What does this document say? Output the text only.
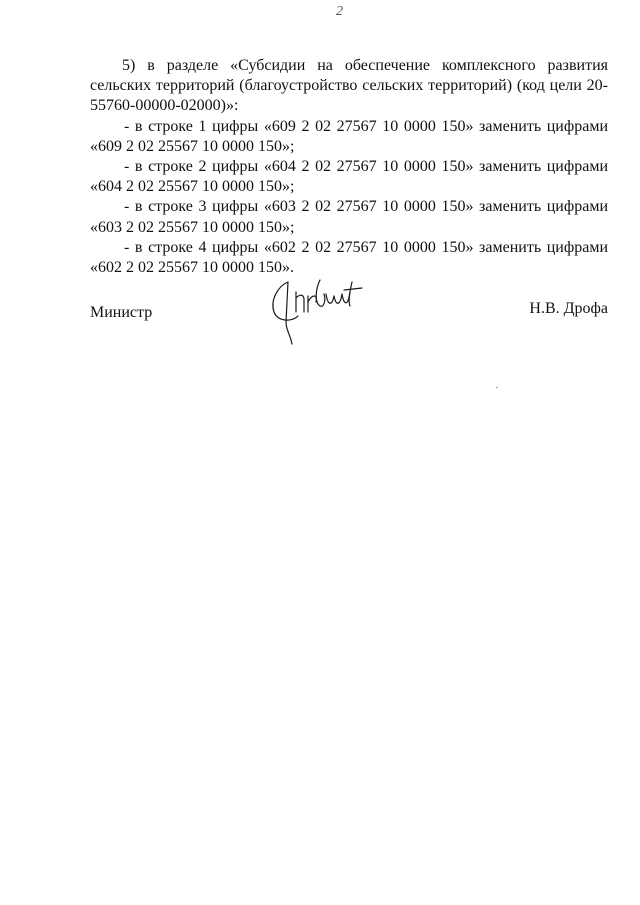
2

5) в разделе «Субсидии на обеспечение комплексного развития сельских территорий (благоустройство сельских территорий) (код цели 20-55760-00000-02000)»:

- в строке 1 цифры «609 2 02 27567 10 0000 150» заменить цифрами «609 2 02 25567 10 0000 150»;

- в строке 2 цифры «604 2 02 27567 10 0000 150» заменить цифрами «604 2 02 25567 10 0000 150»;

- в строке 3 цифры «603 2 02 27567 10 0000 150» заменить цифрами «603 2 02 25567 10 0000 150»;

- в строке 4 цифры «602 2 02 27567 10 0000 150» заменить цифрами «602 2 02 25567 10 0000 150».

Министр	Н.В. Дрофа
